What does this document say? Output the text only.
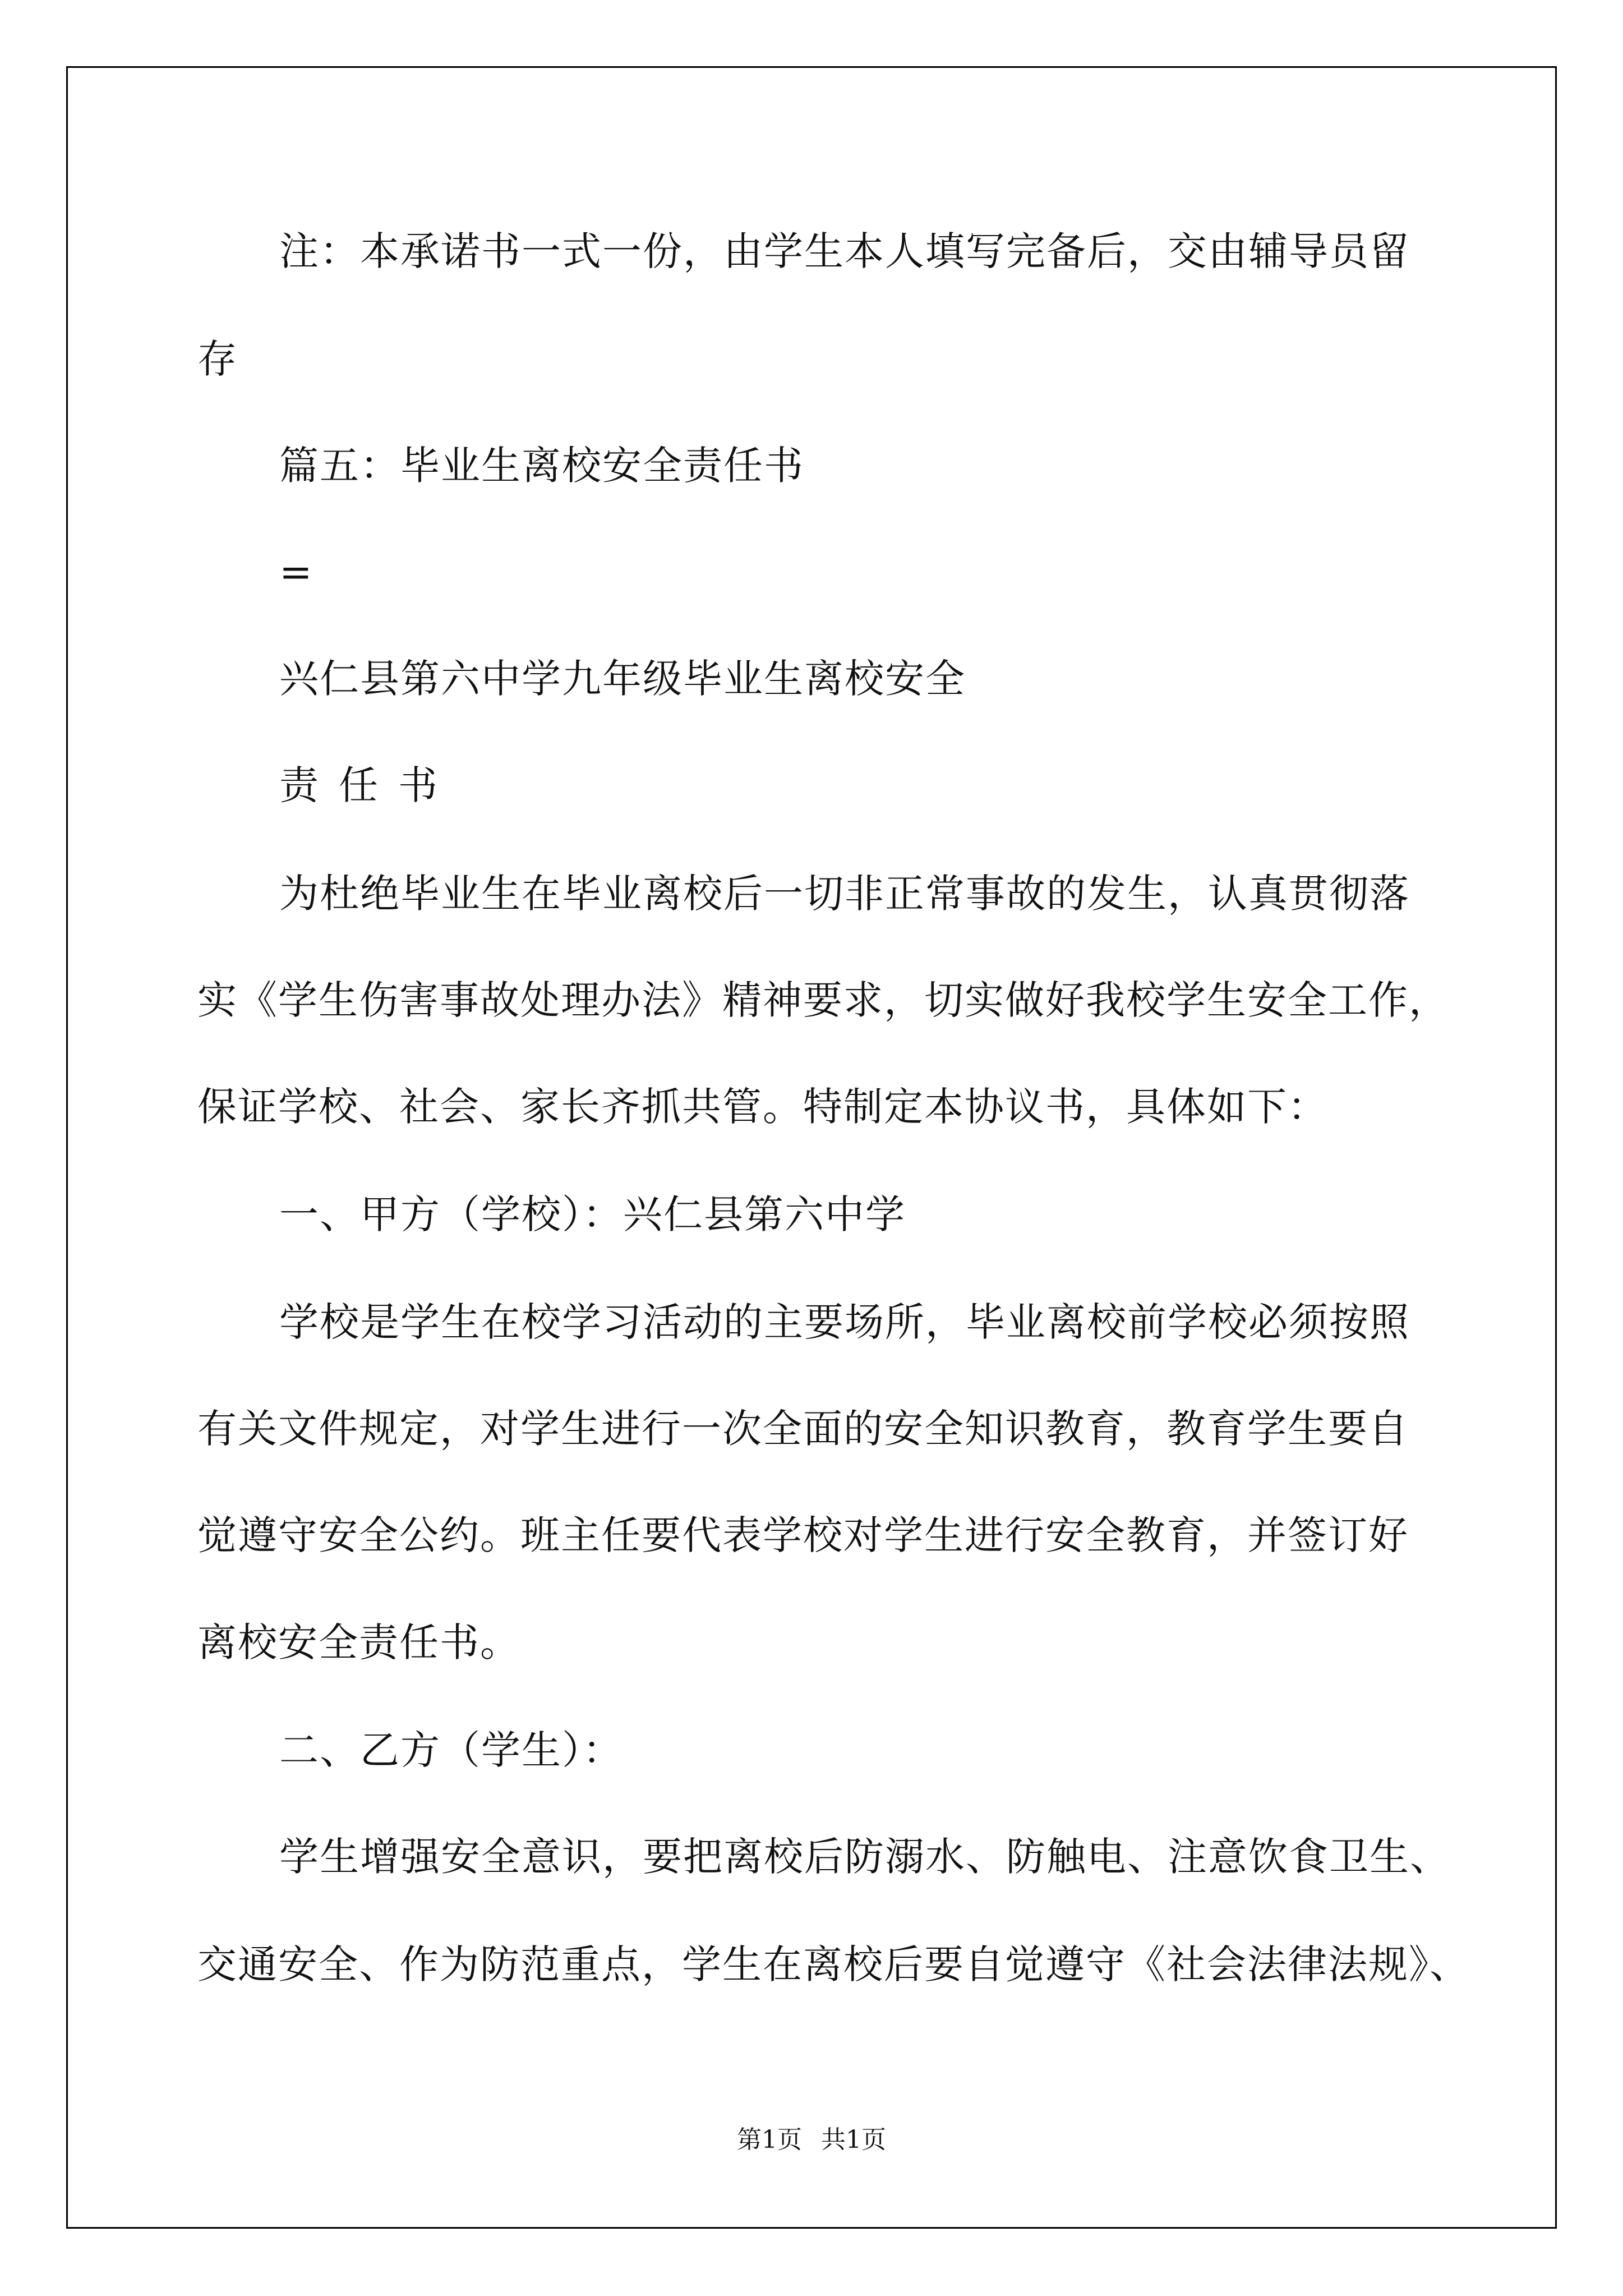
注：本承诺书一式一份，由学生本人填写完备后，交由辅导员留

存

篇五：毕业生离校安全责任书

=

兴仁县第六中学九年级毕业生离校安全

责任书

为杜绝毕业生在毕业离校后一切非正常事故的发生，认真贯彻落

实《学生伤害事故处理办法》精神要求，切实做好我校学生安全工作，

保证学校、社会、家长齐抓共管。特制定本协议书，具体如下：

一、甲方（学校）：兴仁县第六中学

学校是学生在校学习活动的主要场所，毕业离校前学校必须按照

有关文件规定，对学生进行一次全面的安全知识教育，教育学生要自

觉遵守安全公约。班主任要代表学校对学生进行安全教育，并签订好

离校安全责任书。

二、乙方（学生）：

学生增强安全意识，要把离校后防溺水、防触电、注意饮食卫生、

交通安全、作为防范重点，学生在离校后要自觉遵守《社会法律法规》、

第1页 共1页
